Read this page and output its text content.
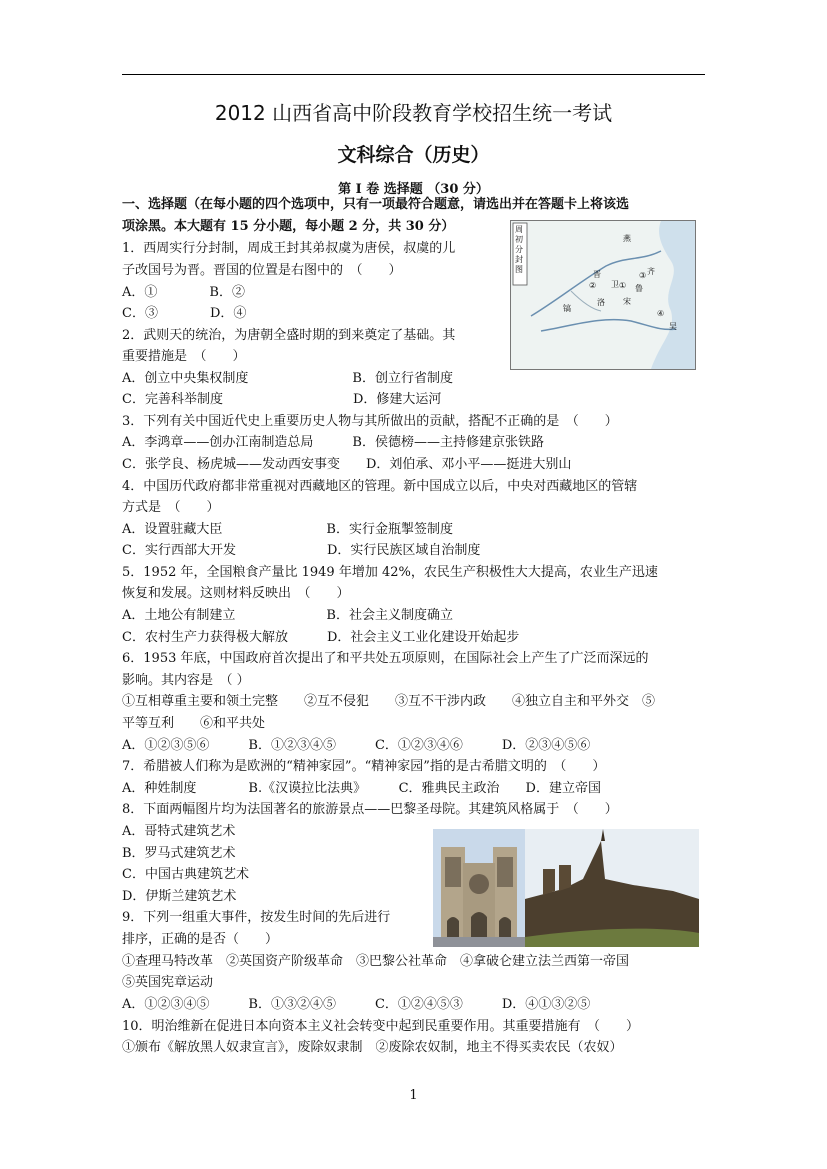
2012 山西省高中阶段教育学校招生统一考试
文科综合（历史）
第 I 卷 选择题 （30 分）
一、选择题（在每小题的四个选项中，只有一项最符合题意，请选出并在答题卡上将该选
项涂黑。本大题有 15 分小题，每小题 2 分，共 30 分）	周初分封图
燕
齐
鲁
宋
卫
晋
镐
洛
吴
①
②
③
④
1．西周实行分封制，周成王封其弟叔虞为唐侯，叔虞的儿
子改国号为晋。晋国的位置是右图中的　（　　）
A．①　　　　B．②
C．③　　　　D．④
2．武则天的统治，为唐朝全盛时期的到来奠定了基础。其
重要措施是　（　　）
A．创立中央集权制度　　　　　　　　B．创立行省制度
C．完善科举制度　　　　　　　　　　D．修建大运河
3．下列有关中国近代史上重要历史人物与其所做出的贡献，搭配不正确的是　（　　）
A．李鸿章——创办江南制造总局　　　B．侯德榜——主持修建京张铁路
C．张学良、杨虎城——发动西安事变　　D．刘伯承、邓小平——挺进大别山
4．中国历代政府都非常重视对西藏地区的管理。新中国成立以后，中央对西藏地区的管辖
方式是　（　　）
A．设置驻藏大臣　　　　　　　　B．实行金瓶掣签制度
C．实行西部大开发　　　　　　　D．实行民族区域自治制度
5．1952 年，全国粮食产量比 1949 年增加 42%，农民生产积极性大大提高，农业生产迅速
恢复和发展。这则材料反映出　（　　）
A．土地公有制建立　　　　　　　B．社会主义制度确立
C．农村生产力获得极大解放　　　D．社会主义工业化建设开始起步
6．1953 年底，中国政府首次提出了和平共处五项原则，在国际社会上产生了广泛而深远的
影响。其内容是　（ ）
①互相尊重主要和领土完整　　②互不侵犯　　③互不干涉内政　　④独立自主和平外交　⑤
平等互利　　⑥和平共处
A．①②③⑤⑥　　　B．①②③④⑤　　　C．①②③④⑥　　　D．②③④⑤⑥
7．希腊被人们称为是欧洲的“精神家园”。“精神家园”指的是古希腊文明的　（　　）
A．种姓制度　　　　B.《汉谟拉比法典》　　　C．雅典民主政治　　D．建立帝国
8．下面两幅图片均为法国著名的旅游景点——巴黎圣母院。其建筑风格属于　（　　）
A．哥特式建筑艺术
B．罗马式建筑艺术
C．中国古典建筑艺术
D．伊斯兰建筑艺术
9．下列一组重大事件，按发生时间的先后进行
排序，正确的是否（　　）
①查理马特改革　②英国资产阶级革命　③巴黎公社革命　④拿破仑建立法兰西第一帝国
⑤英国宪章运动
A．①②③④⑤　　　B．①③②④⑤　　　C．①②④⑤③　　　D．④①③②⑤
10．明治维新在促进日本向资本主义社会转变中起到民重要作用。其重要措施有　（　　）
①颁布《解放黑人奴隶宣言》，废除奴隶制　②废除农奴制，地主不得买卖农民（农奴）
1
